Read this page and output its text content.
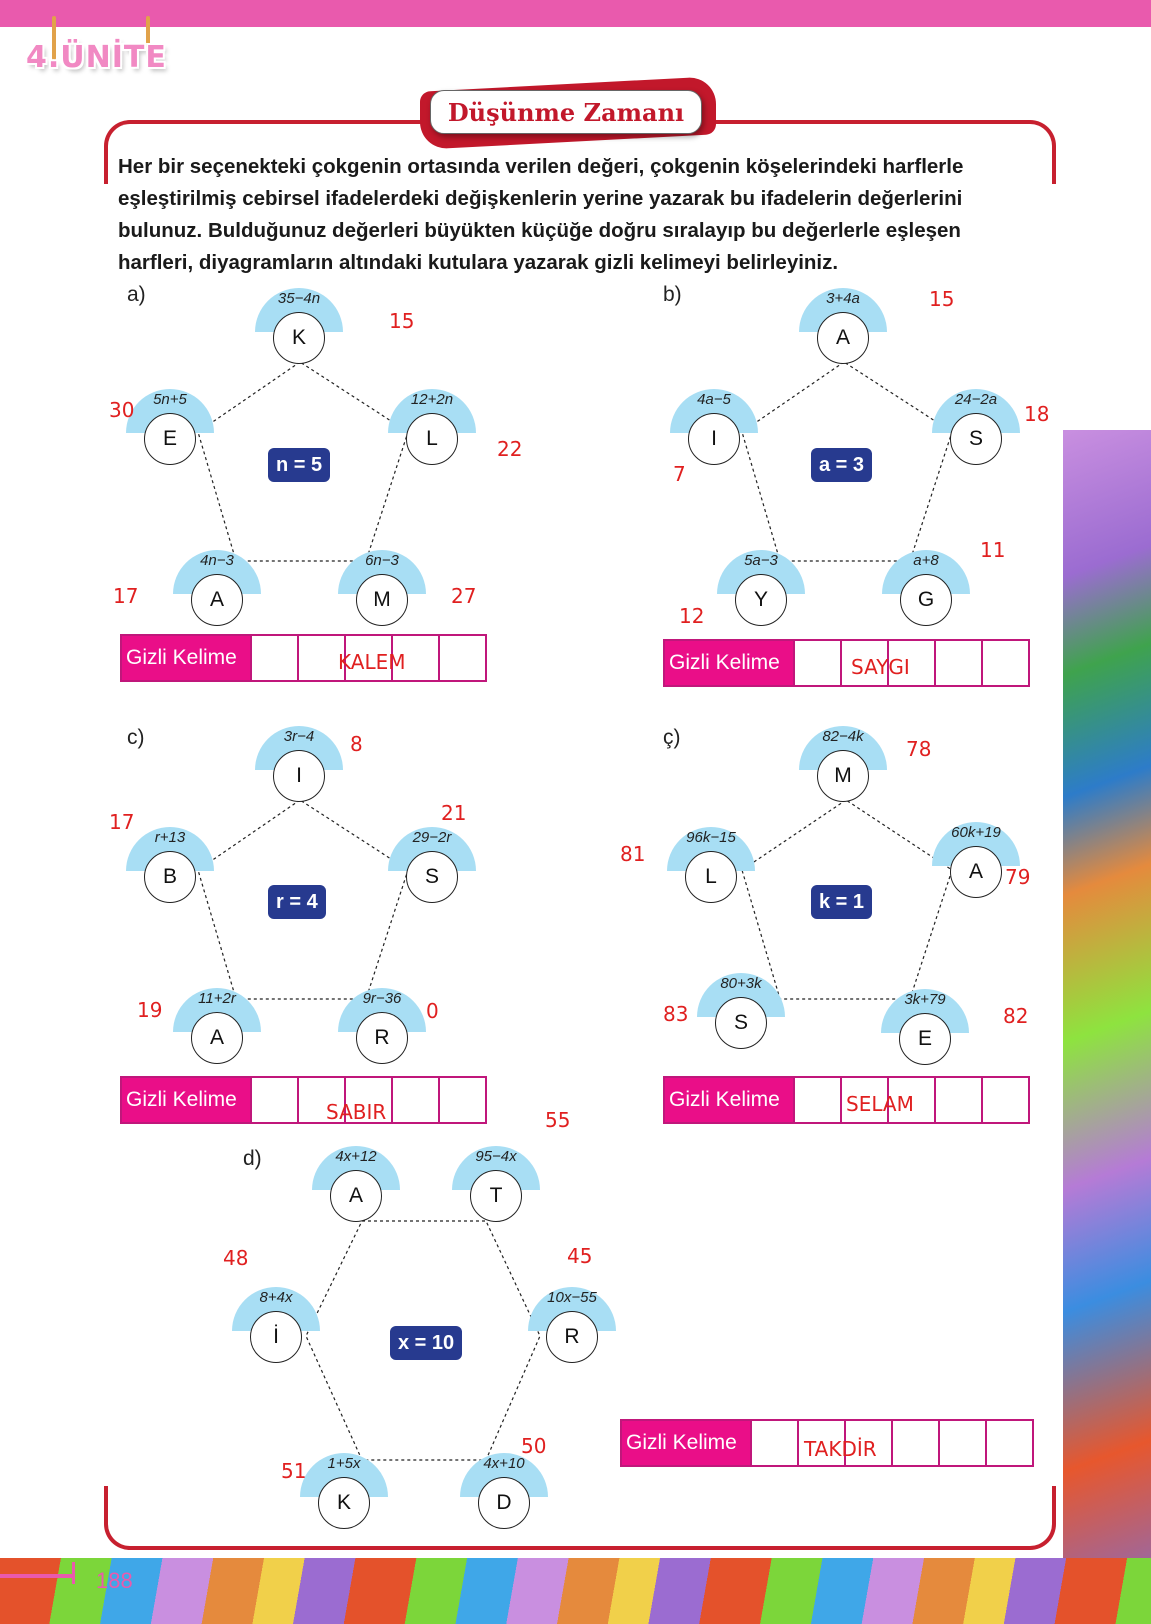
4.ÜNİTE
Düşünme Zamanı
Her bir seçenekteki çokgenin ortasında verilen değeri, çokgenin köşelerindeki harflerle eşleştirilmiş cebirsel ifadelerdeki değişkenlerin yerine yazarak bu ifadelerin değerlerini bulunuz. Bulduğunuz değerleri büyükten küçüğe doğru sıralayıp bu değerlerle eşleşen harfleri, diyagramların altındaki kutulara yazarak gizli kelimeyi belirleyiniz.
a)	35−4n
K
5n+5
E
12+2n
L
4n−3
A
6n−3
M
n = 5
15
30
22
17	27
Gizli Kelime	KALEM
b)	3+4a
A
4a−5
I
24−2a
S
5a−3
Y
a+8
G
a = 3
15
7
18
12
11
Gizli Kelime	SAYGI
c)	3r−4
I
r+13
B
29−2r
S
11+2r
A
9r−36
R
r = 4
8
17	21
19	0
Gizli Kelime
SABIR
ç)	82−4k
M
96k−15
L
60k+19
A
80+3k
S
3k+79
E
k = 1
78
81
79
83	82
Gizli Kelime	SELAM
d)	4x+12
A
95−4x
T
8+4x
İ
10x−55
R
1+5x
K
4x+10
D
x = 10
55
48	45
51
50	Gizli Kelime	TAKDİR
188
